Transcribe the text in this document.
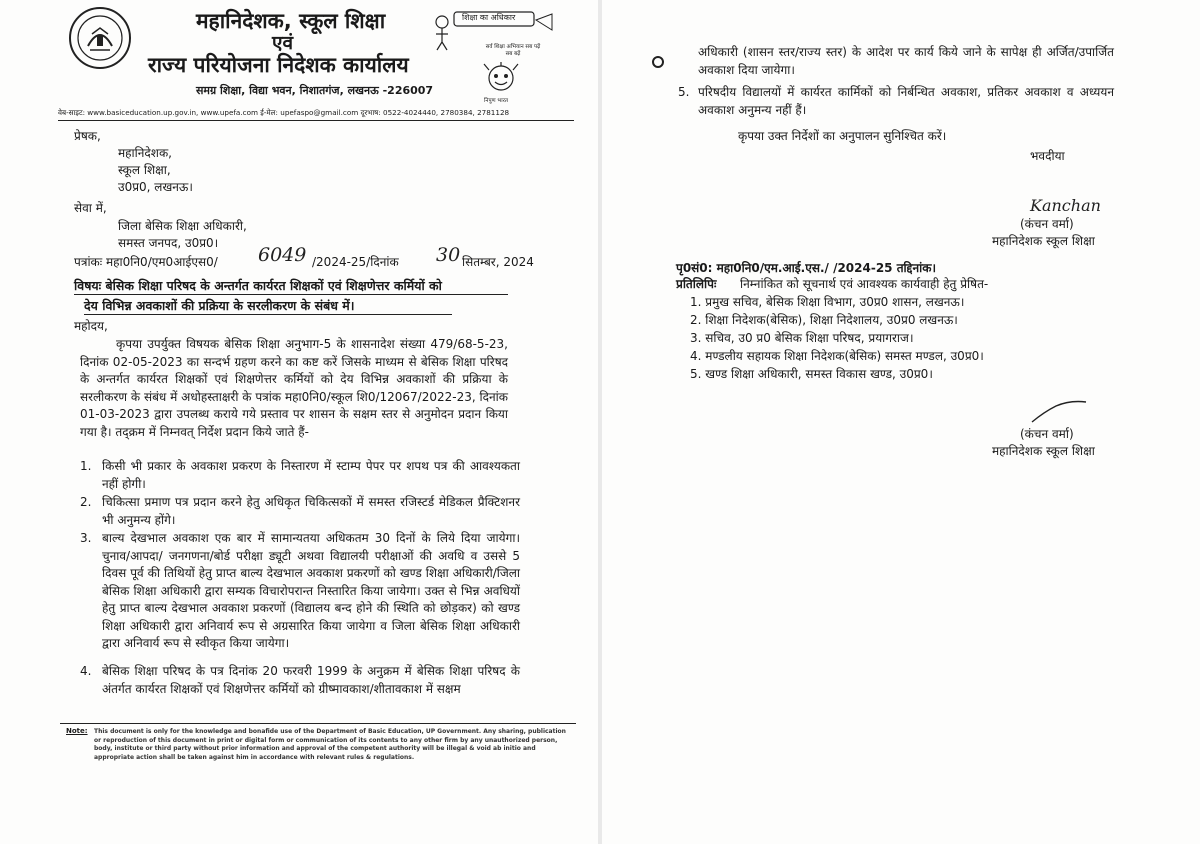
महानिदेशक, स्कूल शिक्षा
एवं
राज्य परियोजना निदेशक कार्यालय
समग्र शिक्षा, विद्या भवन, निशातगंज, लखनऊ -226007
शिक्षा का अधिकार
सर्व शिक्षा अभियान सब पढ़ें सब बढ़ें
निपुण भारत
वेब-साइट: www.basiceducation.up.gov.in, www.upefa.com ई-मेल: upefaspo@gmail.com दूरभाष: 0522-4024440, 2780384, 2781128
प्रेषक,
महानिदेशक,
स्कूल शिक्षा,
उ0प्र0, लखनऊ।
सेवा में,
जिला बेसिक शिक्षा अधिकारी,
समस्त जनपद, उ0प्र0।
पत्रांकः महा0नि0/एम0आईएस0/ 6049 /2024-25/दिनांक 30 सितम्बर, 2024
विषयः बेसिक शिक्षा परिषद के अन्तर्गत कार्यरत शिक्षकों एवं शिक्षणेत्तर कर्मियों को
देय विभिन्न अवकाशों की प्रक्रिया के सरलीकरण के संबंध में।
महोदय,
कृपया उपर्युक्त विषयक बेसिक शिक्षा अनुभाग-5 के शासनादेश संख्या 479/68-5-23, दिनांक 02-05-2023 का सन्दर्भ ग्रहण करने का कष्ट करें जिसके माध्यम से बेसिक शिक्षा परिषद के अन्तर्गत कार्यरत शिक्षकों एवं शिक्षणेत्तर कर्मियों को देय विभिन्न अवकाशों की प्रक्रिया के सरलीकरण के संबंध में अधोहस्ताक्षरी के पत्रांक महा0नि0/स्कूल शि0/12067/2022-23, दिनांक 01-03-2023 द्वारा उपलब्ध कराये गये प्रस्ताव पर शासन के सक्षम स्तर से अनुमोदन प्रदान किया गया है। तद्क्रम में निम्नवत् निर्देश प्रदान किये जाते हैं-
1. किसी भी प्रकार के अवकाश प्रकरण के निस्तारण में स्टाम्प पेपर पर शपथ पत्र की आवश्यकता नहीं होगी।
2. चिकित्सा प्रमाण पत्र प्रदान करने हेतु अधिकृत चिकित्सकों में समस्त रजिस्टर्ड मेडिकल प्रैक्टिशनर भी अनुमन्य होंगे।
3. बाल्य देखभाल अवकाश एक बार में सामान्यतया अधिकतम 30 दिनों के लिये दिया जायेगा। चुनाव/आपदा/ जनगणना/बोर्ड परीक्षा ड्यूटी अथवा विद्यालयी परीक्षाओं की अवधि व उससे 5 दिवस पूर्व की तिथियों हेतु प्राप्त बाल्य देखभाल अवकाश प्रकरणों को खण्ड शिक्षा अधिकारी/जिला बेसिक शिक्षा अधिकारी द्वारा सम्यक विचारोपरान्त निस्तारित किया जायेगा। उक्त से भिन्न अवधियों हेतु प्राप्त बाल्य देखभाल अवकाश प्रकरणों (विद्यालय बन्द होने की स्थिति को छोड़कर) को खण्ड शिक्षा अधिकारी द्वारा अनिवार्य रूप से अग्रसारित किया जायेगा व जिला बेसिक शिक्षा अधिकारी द्वारा अनिवार्य रूप से स्वीकृत किया जायेगा।
4. बेसिक शिक्षा परिषद के पत्र दिनांक 20 फरवरी 1999 के अनुक्रम में बेसिक शिक्षा परिषद के अंतर्गत कार्यरत शिक्षकों एवं शिक्षणेत्तर कर्मियों को ग्रीष्मावकाश/शीतावकाश में सक्षम
Note: This document is only for the knowledge and bonafide use of the Department of Basic Education, UP Government. Any sharing, publication or reproduction of this document in print or digital form or communication of its contents to any other firm by any unauthorized person, body, institute or third party without prior information and approval of the competent authority will be illegal & void ab initio and appropriate action shall be taken against him in accordance with relevant rules & regulations.
अधिकारी (शासन स्तर/राज्य स्तर) के आदेश पर कार्य किये जाने के सापेक्ष ही अर्जित/उपार्जित अवकाश दिया जायेगा।
5. परिषदीय विद्यालयों में कार्यरत कार्मिकों को निर्बन्धित अवकाश, प्रतिकर अवकाश व अध्ययन अवकाश अनुमन्य नहीं हैं।
कृपया उक्त निर्देशों का अनुपालन सुनिश्चित करें।
भवदीया
Kanchan
(कंचन वर्मा)
महानिदेशक स्कूल शिक्षा
पृ0सं0: महा0नि0/एम.आई.एस./ /2024-25 तद्दिनांक।
प्रतिलिपिः निम्नांकित को सूचनार्थ एवं आवश्यक कार्यवाही हेतु प्रेषित-
1. प्रमुख सचिव, बेसिक शिक्षा विभाग, उ0प्र0 शासन, लखनऊ।
2. शिक्षा निदेशक(बेसिक), शिक्षा निदेशालय, उ0प्र0 लखनऊ।
3. सचिव, उ0 प्र0 बेसिक शिक्षा परिषद, प्रयागराज।
4. मण्डलीय सहायक शिक्षा निदेशक(बेसिक) समस्त मण्डल, उ0प्र0।
5. खण्ड शिक्षा अधिकारी, समस्त विकास खण्ड, उ0प्र0।
(कंचन वर्मा)
महानिदेशक स्कूल शिक्षा
